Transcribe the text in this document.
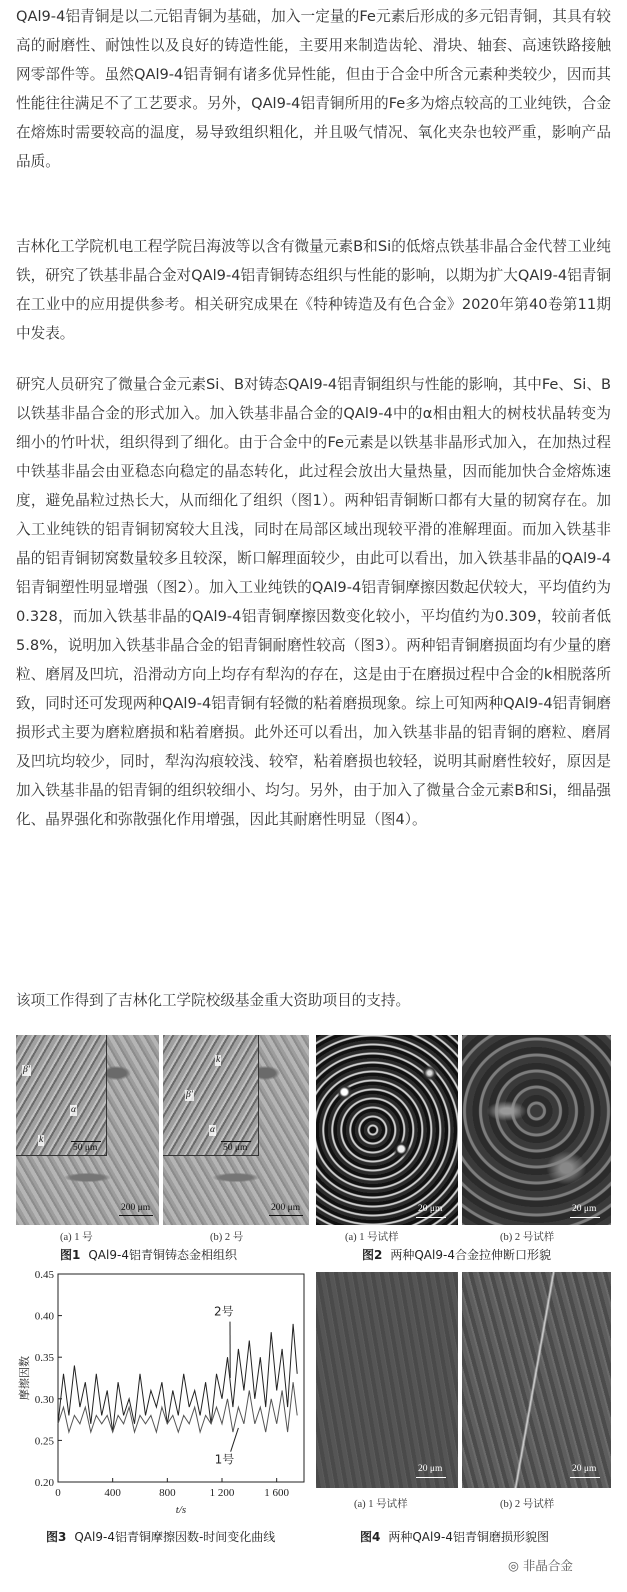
QAl9-4铝青铜是以二元铝青铜为基础，加入一定量的Fe元素后形成的多元铝青铜，其具有较高的耐磨性、耐蚀性以及良好的铸造性能，主要用来制造齿轮、滑块、轴套、高速铁路接触网零部件等。虽然QAl9-4铝青铜有诸多优异性能，但由于合金中所含元素种类较少，因而其性能往往满足不了工艺要求。另外，QAl9-4铝青铜所用的Fe多为熔点较高的工业纯铁，合金在熔炼时需要较高的温度，易导致组织粗化，并且吸气情况、氧化夹杂也较严重，影响产品品质。

吉林化工学院机电工程学院吕海波等以含有微量元素B和Si的低熔点铁基非晶合金代替工业纯铁，研究了铁基非晶合金对QAl9-4铝青铜铸态组织与性能的影响，以期为扩大QAl9-4铝青铜在工业中的应用提供参考。相关研究成果在《特种铸造及有色合金》2020年第40卷第11期中发表。

研究人员研究了微量合金元素Si、B对铸态QAl9-4铝青铜组织与性能的影响，其中Fe、Si、B以铁基非晶合金的形式加入。加入铁基非晶合金的QAl9-4中的α相由粗大的树枝状晶转变为细小的竹叶状，组织得到了细化。由于合金中的Fe元素是以铁基非晶形式加入，在加热过程中铁基非晶会由亚稳态向稳定的晶态转化，此过程会放出大量热量，因而能加快合金熔炼速度，避免晶粒过热长大，从而细化了组织（图1）。两种铝青铜断口都有大量的韧窝存在。加入工业纯铁的铝青铜韧窝较大且浅，同时在局部区域出现较平滑的准解理面。而加入铁基非晶的铝青铜韧窝数量较多且较深，断口解理面较少，由此可以看出，加入铁基非晶的QAl9-4铝青铜塑性明显增强（图2）。加入工业纯铁的QAl9-4铝青铜摩擦因数起伏较大，平均值约为0.328，而加入铁基非晶的QAl9-4铝青铜摩擦因数变化较小，平均值约为0.309，较前者低5.8%，说明加入铁基非晶合金的铝青铜耐磨性较高（图3）。两种铝青铜磨损面均有少量的磨粒、磨屑及凹坑，沿滑动方向上均存有犁沟的存在，这是由于在磨损过程中合金的k相脱落所致，同时还可发现两种QAl9-4铝青铜有轻微的粘着磨损现象。综上可知两种QAl9-4铝青铜磨损形式主要为磨粒磨损和粘着磨损。此外还可以看出，加入铁基非晶的铝青铜的磨粒、磨屑及凹坑均较少，同时，犁沟沟痕较浅、较窄，粘着磨损也较轻，说明其耐磨性较好，原因是加入铁基非晶的铝青铜的组织较细小、均匀。另外，由于加入了微量合金元素B和Si，细晶强化、晶界强化和弥散强化作用增强，因此其耐磨性明显（图4）。

该项工作得到了吉林化工学院校级基金重大资助项目的支持。

β'
α
k
50 μm
200 μm
k
β'
α
50 μm
200 μm
(a) 1 号	(b) 2 号
图1 QAl9-4铝青铜铸态金相组织
20 μm	20 μm
(a) 1 号试样	(b) 2 号试样
图2 两种QAl9-4合金拉伸断口形貌
0.20
0.25
0.30
0.35
0.40
0.45
0	400	800	1 200	1 600
摩擦因数
t/s
2号
1号
图3 QAl9-4铝青铜摩擦因数-时间变化曲线
20 μm	20 μm
(a) 1 号试样	(b) 2 号试样
图4 两种QAl9-4铝青铜磨损形貌图
◎ 非晶合金
